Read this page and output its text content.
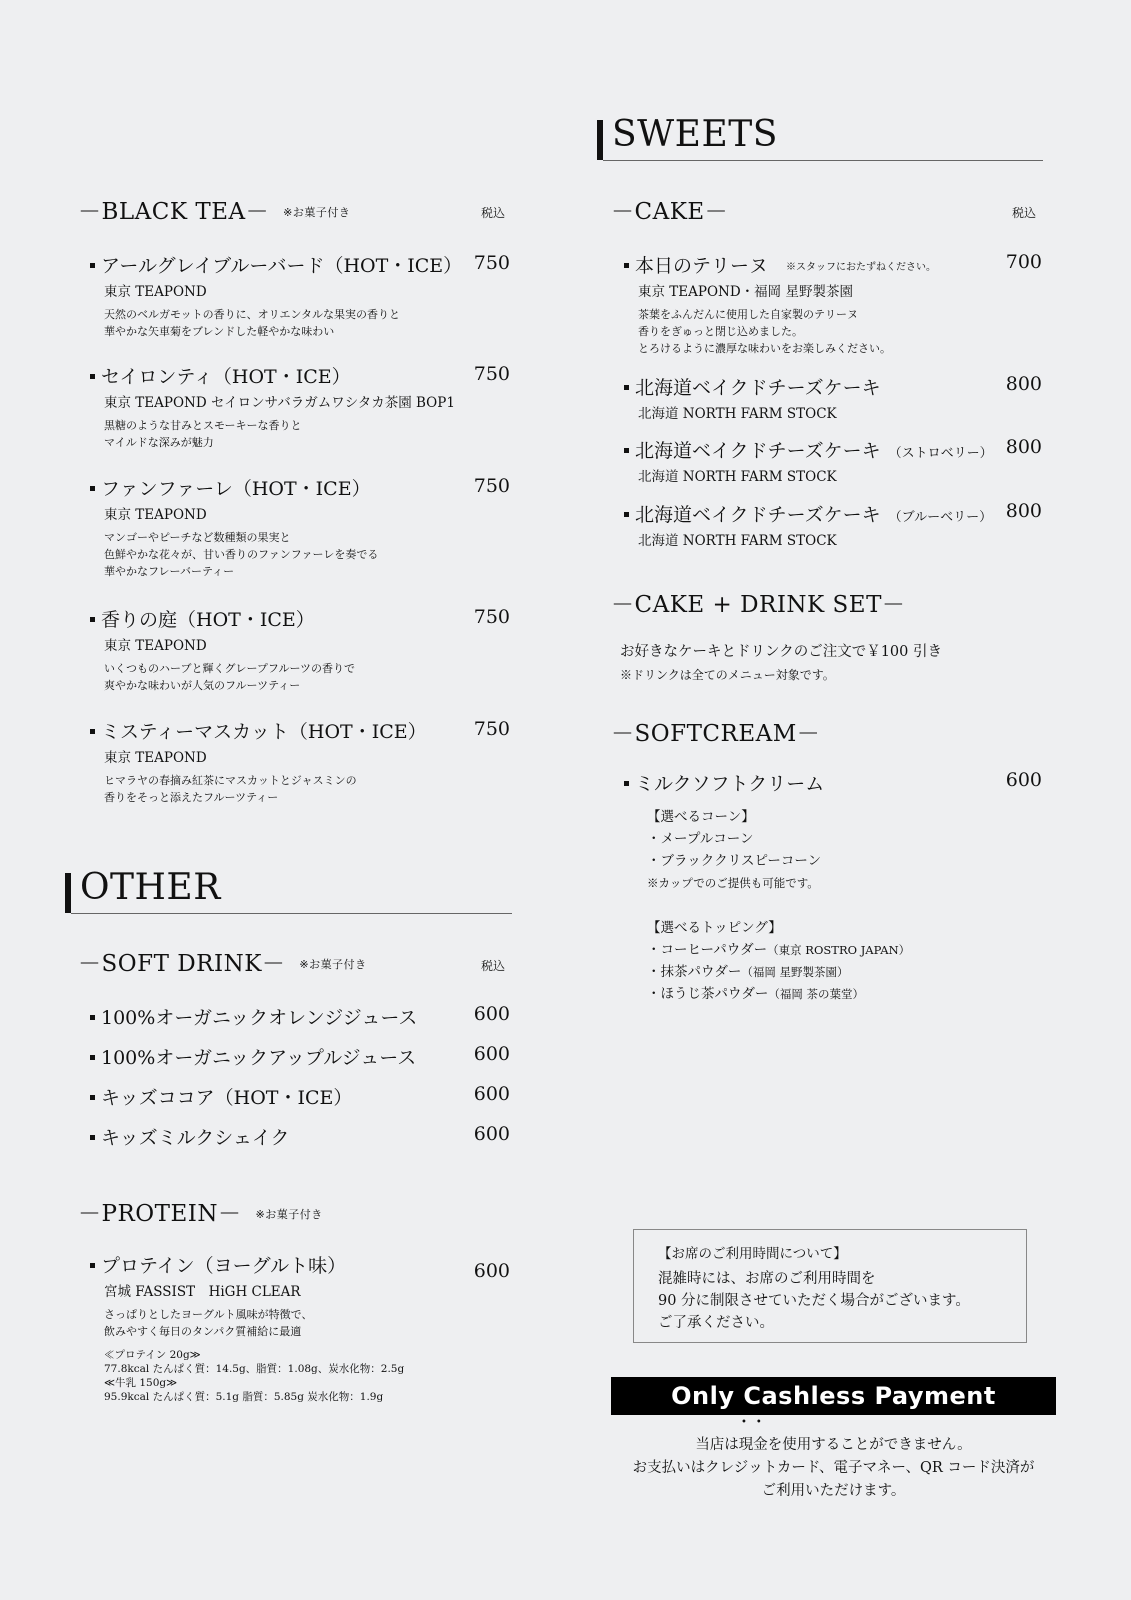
SWEETS
－CAKE－	税込
本日のテリーヌ ※スタッフにおたずねください。
東京 TEAPOND・福岡 星野製茶園
茶葉をふんだんに使用した自家製のテリーヌ
香りをぎゅっと閉じ込めました。
とろけるように濃厚な味わいをお楽しみください。
700
北海道ベイクドチーズケーキ
北海道 NORTH FARM STOCK
800
北海道ベイクドチーズケーキ （ストロベリー）
北海道 NORTH FARM STOCK
800
北海道ベイクドチーズケーキ （ブルーベリー）
北海道 NORTH FARM STOCK
800
－CAKE + DRINK SET－
お好きなケーキとドリンクのご注文で￥100 引き
※ドリンクは全てのメニュー対象です。
－SOFTCREAM－
ミルクソフトクリーム	600
【選べるコーン】
・メープルコーン
・ブラッククリスピーコーン
※カップでのご提供も可能です。
【選べるトッピング】
・コーヒーパウダー（東京 ROSTRO JAPAN）
・抹茶パウダー（福岡 星野製茶園）
・ほうじ茶パウダー（福岡 茶の葉堂）
－BLACK TEA－ ※お菓子付き	税込
アールグレイブルーバード（HOT・ICE）
東京 TEAPOND
天然のベルガモットの香りに、オリエンタルな果実の香りと
華やかな矢車菊をブレンドした軽やかな味わい
750
セイロンティ（HOT・ICE）
東京 TEAPOND セイロンサバラガムワシタカ茶園 BOP1
黒糖のような甘みとスモーキーな香りと
マイルドな深みが魅力
750
ファンファーレ（HOT・ICE）
東京 TEAPOND
マンゴーやピーチなど数種類の果実と
色鮮やかな花々が、甘い香りのファンファーレを奏でる
華やかなフレーバーティー
750
香りの庭（HOT・ICE）
東京 TEAPOND
いくつものハーブと輝くグレープフルーツの香りで
爽やかな味わいが人気のフルーツティー
750
ミスティーマスカット（HOT・ICE）
東京 TEAPOND
ヒマラヤの春摘み紅茶にマスカットとジャスミンの
香りをそっと添えたフルーツティー
750
OTHER
－SOFT DRINK－ ※お菓子付き	税込
100%オーガニックオレンジジュース	600
100%オーガニックアップルジュース	600
キッズココア（HOT・ICE）	600
キッズミルクシェイク	600
－PROTEIN－ ※お菓子付き
プロテイン（ヨーグルト味）
宮城 FASSIST　HiGH CLEAR
さっぱりとしたヨーグルト風味が特徴で、
飲みやすく毎日のタンパク質補給に最適
≪プロテイン 20g≫
77.8kcal たんぱく質：14.5g、脂質：1.08g、炭水化物：2.5g
≪牛乳 150g≫
95.9kcal たんぱく質：5.1g 脂質：5.85g 炭水化物：1.9g
600
【お席のご利用時間について】
混雑時には、お席のご利用時間を
90 分に制限させていただく場合がございます。
ご了承ください。
Only Cashless Payment
••
当店は現金を使用することができません。
お支払いはクレジットカード、電子マネー、QR コード決済が
ご利用いただけます。
